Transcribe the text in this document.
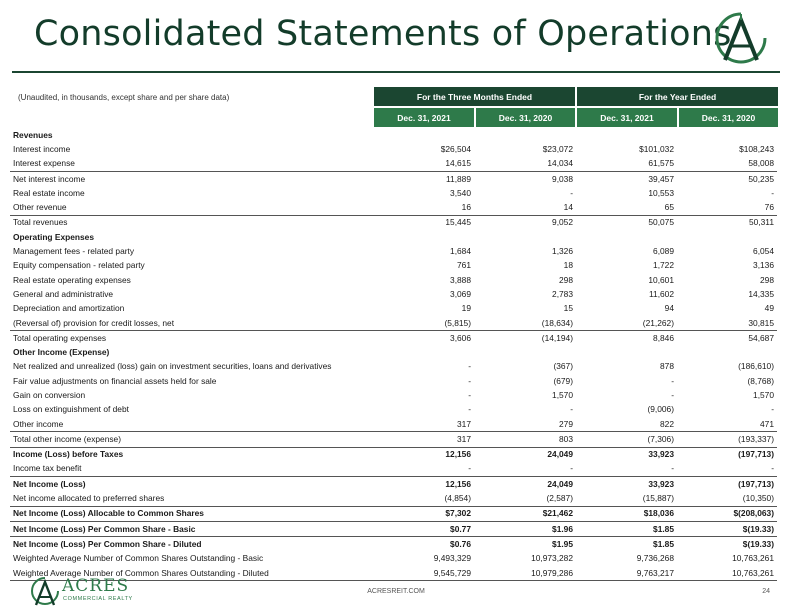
Consolidated Statements of Operations
(Unaudited, in thousands, except share and per share data)	For the Three Months Ended	For the Year Ended
Dec. 31, 2021	Dec. 31, 2020	Dec. 31, 2021	Dec. 31, 2020
Revenues				
Interest income	$26,504	$23,072	$101,032	$108,243
Interest expense	14,615	14,034	61,575	58,008
Net interest income	11,889	9,038	39,457	50,235
Real estate income	3,540	-	10,553	-
Other revenue	16	14	65	76
Total revenues	15,445	9,052	50,075	50,311
Operating Expenses				
Management fees - related party	1,684	1,326	6,089	6,054
Equity compensation - related party	761	18	1,722	3,136
Real estate operating expenses	3,888	298	10,601	298
General and administrative	3,069	2,783	11,602	14,335
Depreciation and amortization	19	15	94	49
(Reversal of) provision for credit losses, net	(5,815)	(18,634)	(21,262)	30,815
Total operating expenses	3,606	(14,194)	8,846	54,687
Other Income (Expense)				
Net realized and unrealized (loss) gain on investment securities, loans and derivatives	-	(367)	878	(186,610)
Fair value adjustments on financial assets held for sale	-	(679)	-	(8,768)
Gain on conversion	-	1,570	-	1,570
Loss on extinguishment of debt	-	-	(9,006)	-
Other income	317	279	822	471
Total other income (expense)	317	803	(7,306)	(193,337)
Income (Loss) before Taxes	12,156	24,049	33,923	(197,713)
Income tax benefit	-	-	-	-
Net Income (Loss)	12,156	24,049	33,923	(197,713)
Net income allocated to preferred shares	(4,854)	(2,587)	(15,887)	(10,350)
Net Income (Loss) Allocable to Common Shares	$7,302	$21,462	$18,036	$(208,063)
Net Income (Loss) Per Common Share - Basic	$0.77	$1.96	$1.85	$(19.33)
Net Income (Loss) Per Common Share - Diluted	$0.76	$1.95	$1.85	$(19.33)
Weighted Average Number of Common Shares Outstanding - Basic	9,493,329	10,973,282	9,736,268	10,763,261
Weighted Average Number of Common Shares Outstanding - Diluted	9,545,729	10,979,286	9,763,217	10,763,261
ACRES
COMMERCIAL REALTY
ACRESREIT.COM	24
